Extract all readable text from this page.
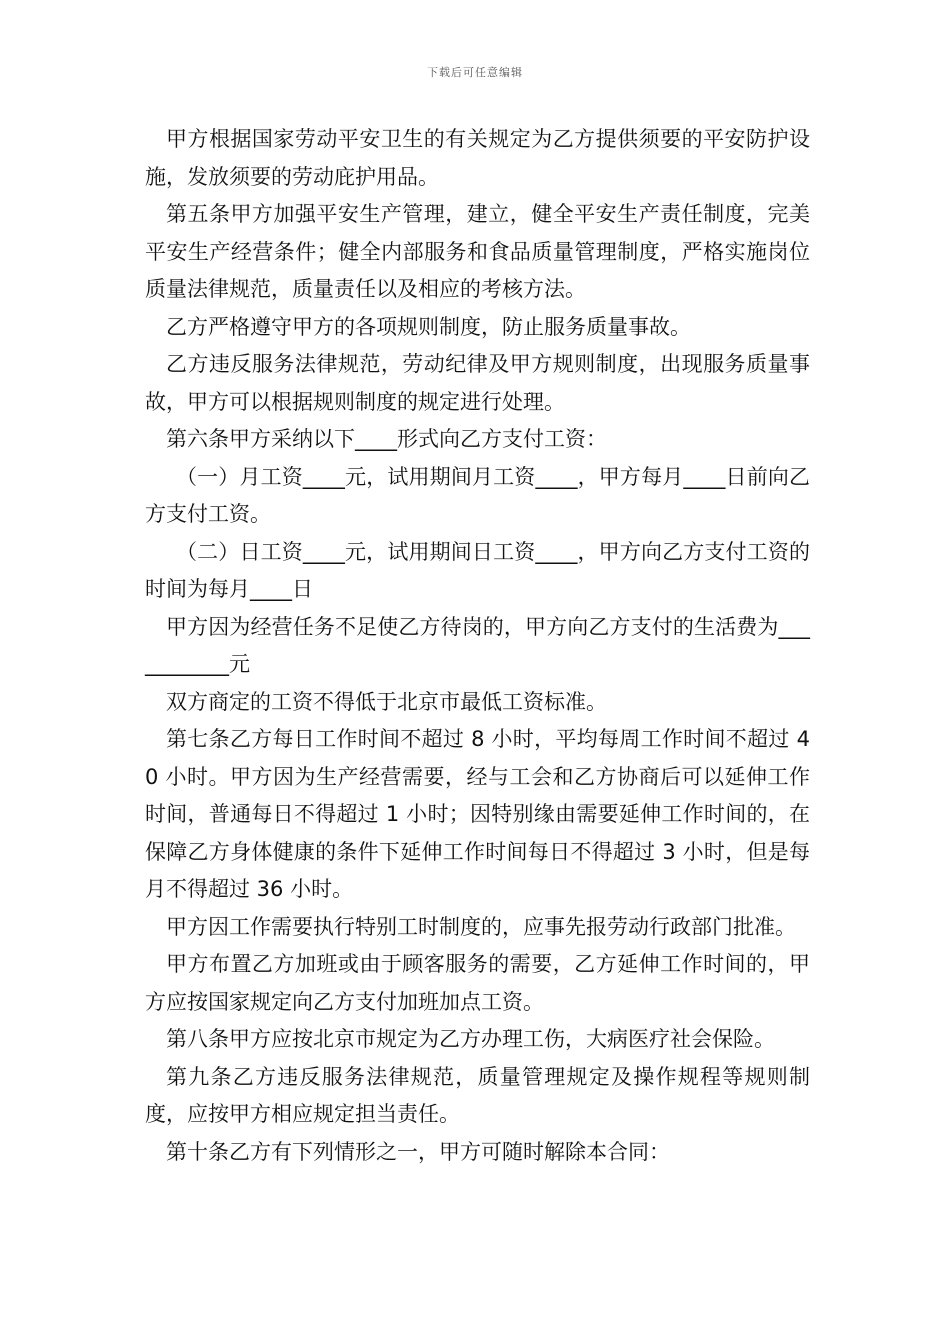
下载后可任意编辑

甲方根据国家劳动平安卫生的有关规定为乙方提供须要的平安防护设施，发放须要的劳动庇护用品。

第五条甲方加强平安生产管理，建立，健全平安生产责任制度，完美平安生产经营条件；健全内部服务和食品质量管理制度，严格实施岗位质量法律规范，质量责任以及相应的考核方法。

乙方严格遵守甲方的各项规则制度，防止服务质量事故。

乙方违反服务法律规范，劳动纪律及甲方规则制度，出现服务质量事故，甲方可以根据规则制度的规定进行处理。

第六条甲方采纳以下____形式向乙方支付工资：

（一）月工资____元，试用期间月工资____，甲方每月____日前向乙方支付工资。

（二）日工资____元，试用期间日工资____，甲方向乙方支付工资的时间为每月____日

甲方因为经营任务不足使乙方待岗的，甲方向乙方支付的生活费为___________元

双方商定的工资不得低于北京市最低工资标准。

第七条乙方每日工作时间不超过 8 小时，平均每周工作时间不超过 40 小时。甲方因为生产经营需要，经与工会和乙方协商后可以延伸工作时间，普通每日不得超过 1 小时；因特别缘由需要延伸工作时间的，在保障乙方身体健康的条件下延伸工作时间每日不得超过 3 小时，但是每月不得超过 36 小时。

甲方因工作需要执行特别工时制度的，应事先报劳动行政部门批准。

甲方布置乙方加班或由于顾客服务的需要，乙方延伸工作时间的，甲方应按国家规定向乙方支付加班加点工资。

第八条甲方应按北京市规定为乙方办理工伤，大病医疗社会保险。

第九条乙方违反服务法律规范，质量管理规定及操作规程等规则制度，应按甲方相应规定担当责任。

第十条乙方有下列情形之一，甲方可随时解除本合同：
